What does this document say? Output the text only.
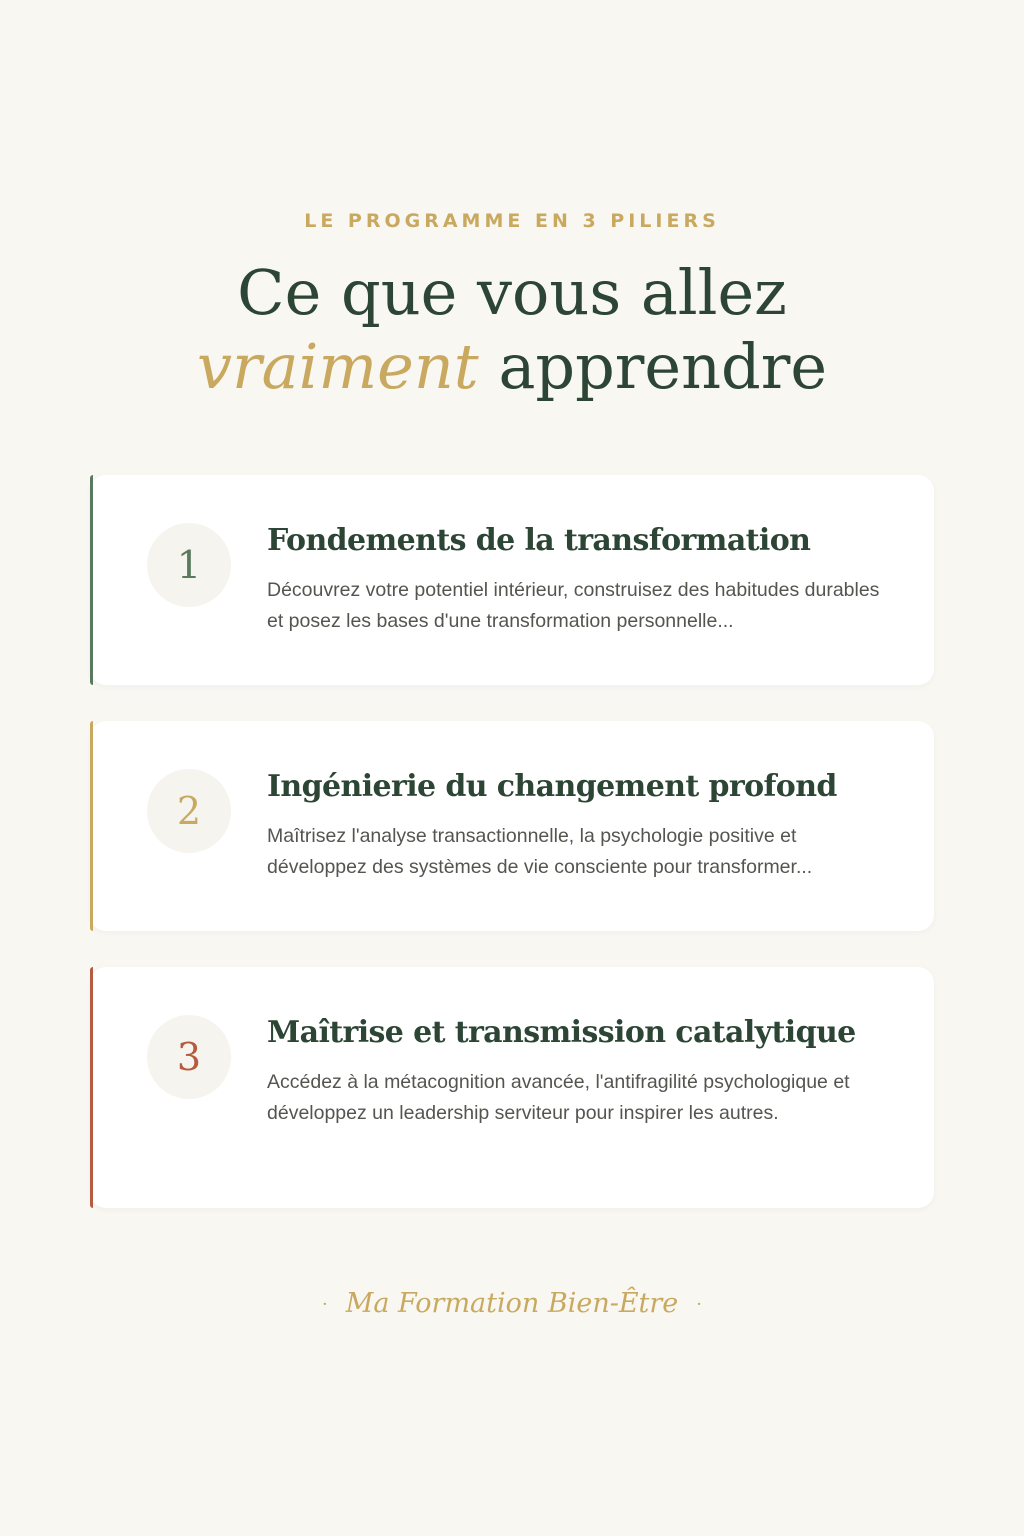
LE PROGRAMME EN 3 PILIERS
Ce que vous allez
vraiment apprendre
1
Fondements de la transformation
Découvrez votre potentiel intérieur, construisez des habitudes durables et posez les bases d'une transformation personnelle...
2
Ingénierie du changement profond
Maîtrisez l'analyse transactionnelle, la psychologie positive et développez des systèmes de vie consciente pour transformer...
3
Maîtrise et transmission catalytique
Accédez à la métacognition avancée, l'antifragilité psychologique et développez un leadership serviteur pour inspirer les autres.
· Ma Formation Bien-Être ·
